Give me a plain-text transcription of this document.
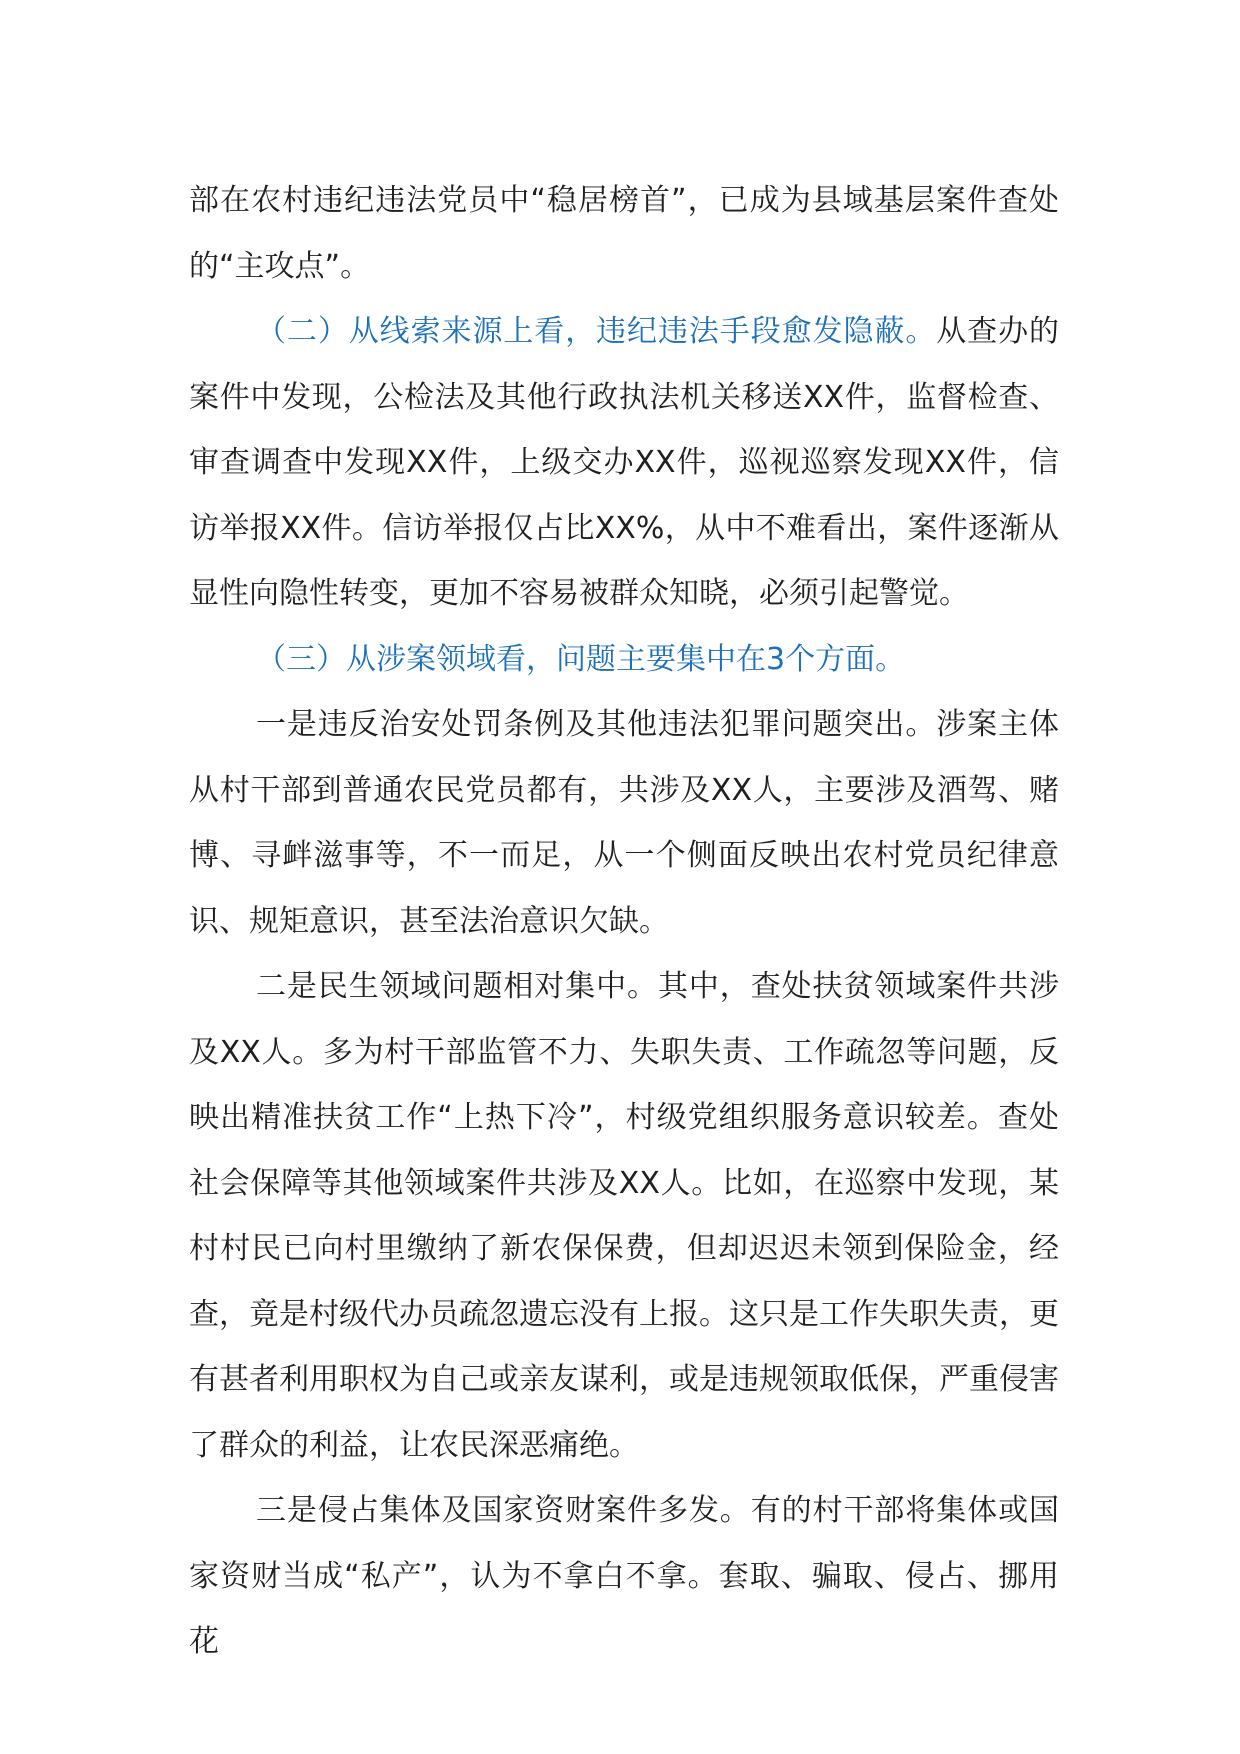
部在农村违纪违法党员中“稳居榜首”，已成为县域基层案件查处的“主攻点”。

（二）从线索来源上看，违纪违法手段愈发隐蔽。从查办的案件中发现，公检法及其他行政执法机关移送XX件，监督检查、审查调查中发现XX件，上级交办XX件，巡视巡察发现XX件，信访举报XX件。信访举报仅占比XX%，从中不难看出，案件逐渐从显性向隐性转变，更加不容易被群众知晓，必须引起警觉。

（三）从涉案领域看，问题主要集中在3个方面。

一是违反治安处罚条例及其他违法犯罪问题突出。涉案主体从村干部到普通农民党员都有，共涉及XX人，主要涉及酒驾、赌博、寻衅滋事等，不一而足，从一个侧面反映出农村党员纪律意识、规矩意识，甚至法治意识欠缺。

二是民生领域问题相对集中。其中，查处扶贫领域案件共涉及XX人。多为村干部监管不力、失职失责、工作疏忽等问题，反映出精准扶贫工作“上热下冷”，村级党组织服务意识较差。查处社会保障等其他领域案件共涉及XX人。比如，在巡察中发现，某村村民已向村里缴纳了新农保保费，但却迟迟未领到保险金，经查，竟是村级代办员疏忽遗忘没有上报。这只是工作失职失责，更有甚者利用职权为自己或亲友谋利，或是违规领取低保，严重侵害了群众的利益，让农民深恶痛绝。

三是侵占集体及国家资财案件多发。有的村干部将集体或国家资财当成“私产”，认为不拿白不拿。套取、骗取、侵占、挪用花
